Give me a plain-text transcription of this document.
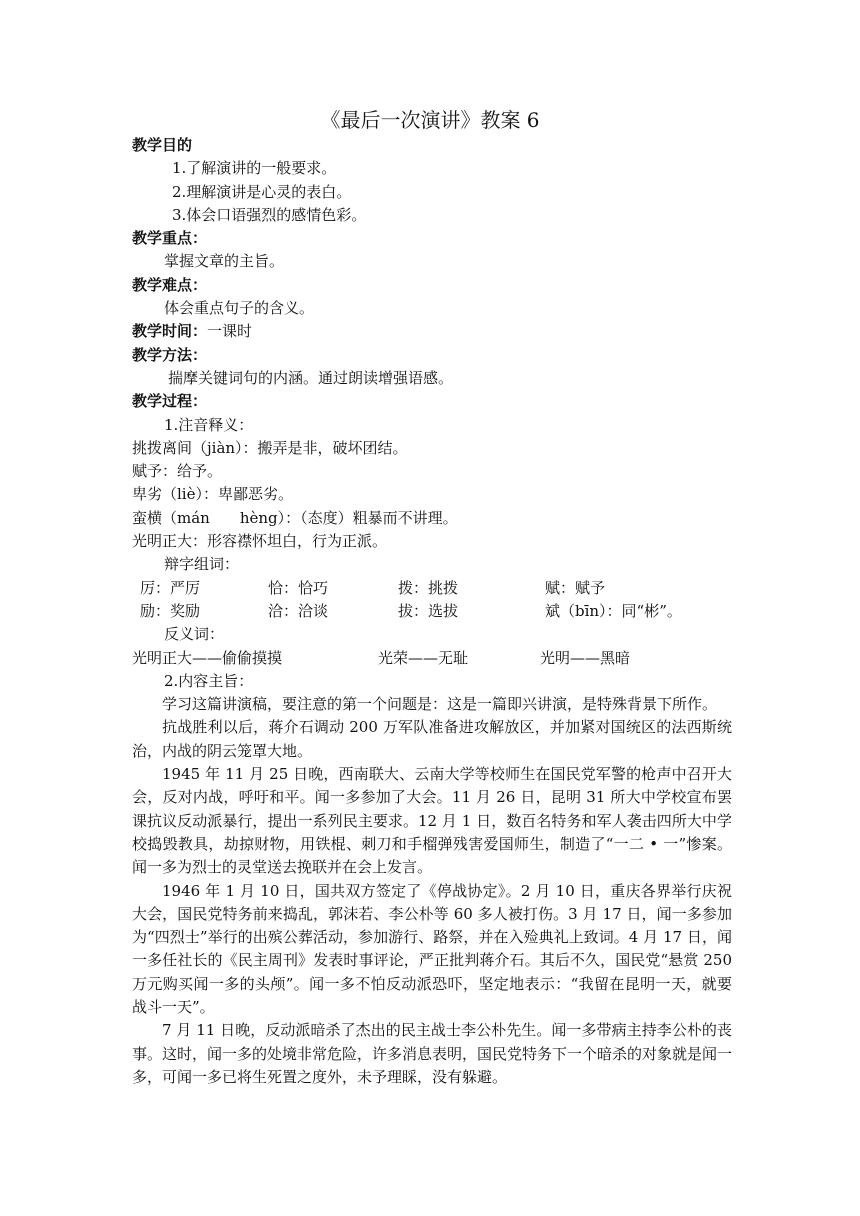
《最后一次演讲》教案 6

教学目的

1.了解演讲的一般要求。

2.理解演讲是心灵的表白。

3.体会口语强烈的感情色彩。

教学重点：

掌握文章的主旨。

教学难点：

体会重点句子的含义。

教学时间：一课时

教学方法：

揣摩关键词句的内涵。通过朗读增强语感。

教学过程：

1.注音释义：

挑拨离间（jiàn）：搬弄是非，破坏团结。

赋予：给予。

卑劣（liè）：卑鄙恶劣。

蛮横（mán　　hèng）：（态度）粗暴而不讲理。

光明正大：形容襟怀坦白，行为正派。

辩字组词：

厉：严厉	恰：恰巧	拨：挑拨	赋：赋予
励：奖励	洽：洽谈	拔：选拔	斌（bīn）：同“彬”。

反义词：

光明正大——偷偷摸摸	光荣——无耻	光明——黑暗

2.内容主旨：

学习这篇讲演稿，要注意的第一个问题是：这是一篇即兴讲演，是特殊背景下所作。

抗战胜利以后，蒋介石调动 200 万军队准备进攻解放区，并加紧对国统区的法西斯统治，内战的阴云笼罩大地。

1945 年 11 月 25 日晚，西南联大、云南大学等校师生在国民党军警的枪声中召开大会，反对内战，呼吁和平。闻一多参加了大会。11 月 26 日，昆明 31 所大中学校宣布罢课抗议反动派暴行，提出一系列民主要求。12 月 1 日，数百名特务和军人袭击四所大中学校捣毁教具，劫掠财物，用铁棍、刺刀和手榴弹残害爱国师生，制造了“一二 • 一”惨案。闻一多为烈士的灵堂送去挽联并在会上发言。

1946 年 1 月 10 日，国共双方签定了《停战协定》。2 月 10 日，重庆各界举行庆祝大会，国民党特务前来捣乱，郭沫若、李公朴等 60 多人被打伤。3 月 17 日，闻一多参加为“四烈士”举行的出殡公葬活动，参加游行、路祭，并在入殓典礼上致词。4 月 17 日，闻一多任社长的《民主周刊》发表时事评论，严正批判蒋介石。其后不久，国民党“悬赏 250 万元购买闻一多的头颅”。闻一多不怕反动派恐吓，坚定地表示：“我留在昆明一天，就要战斗一天”。

7 月 11 日晚，反动派暗杀了杰出的民主战士李公朴先生。闻一多带病主持李公朴的丧事。这时，闻一多的处境非常危险，许多消息表明，国民党特务下一个暗杀的对象就是闻一多，可闻一多已将生死置之度外，未予理睬，没有躲避。
